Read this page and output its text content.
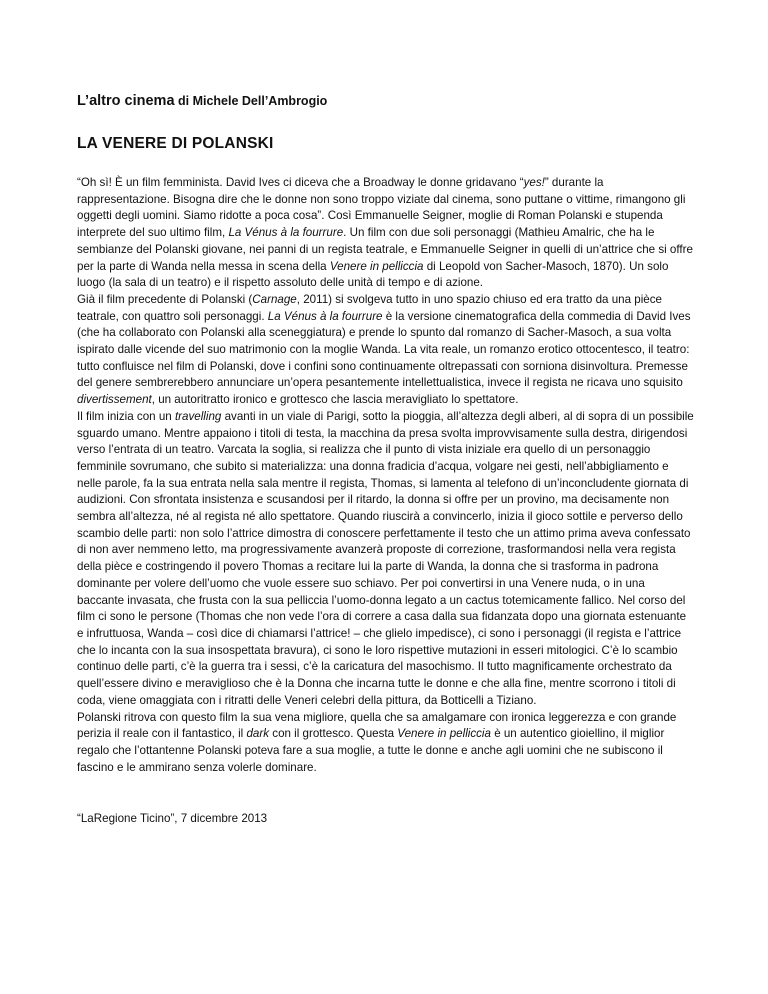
L’altro cinema di Michele Dell’Ambrogio
LA VENERE DI POLANSKI

“Oh sì! È un film femminista. David Ives ci diceva che a Broadway le donne gridavano “yes!” durante la rappresentazione. Bisogna dire che le donne non sono troppo viziate dal cinema, sono puttane o vittime, rimangono gli oggetti degli uomini. Siamo ridotte a poca cosa”. Così Emmanuelle Seigner, moglie di Roman Polanski e stupenda interprete del suo ultimo film, La Vénus à la fourrure. Un film con due soli personaggi (Mathieu Amalric, che ha le sembianze del Polanski giovane, nei panni di un regista teatrale, e Emmanuelle Seigner in quelli di un’attrice che si offre per la parte di Wanda nella messa in scena della Venere in pelliccia di Leopold von Sacher-Masoch, 1870). Un solo luogo (la sala di un teatro) e il rispetto assoluto delle unità di tempo e di azione.

Già il film precedente di Polanski (Carnage, 2011) si svolgeva tutto in uno spazio chiuso ed era tratto da una pièce teatrale, con quattro soli personaggi. La Vénus à la fourrure è la versione cinematografica della commedia di David Ives (che ha collaborato con Polanski alla sceneggiatura) e prende lo spunto dal romanzo di Sacher-Masoch, a sua volta ispirato dalle vicende del suo matrimonio con la moglie Wanda. La vita reale, un romanzo erotico ottocentesco, il teatro: tutto confluisce nel film di Polanski, dove i confini sono continuamente oltrepassati con sorniona disinvoltura. Premesse del genere sembrerebbero annunciare un’opera pesantemente intellettualistica, invece il regista ne ricava uno squisito divertissement, un autoritratto ironico e grottesco che lascia meravigliato lo spettatore.

Il film inizia con un travelling avanti in un viale di Parigi, sotto la pioggia, all’altezza degli alberi, al di sopra di un possibile sguardo umano. Mentre appaiono i titoli di testa, la macchina da presa svolta improvvisamente sulla destra, dirigendosi verso l’entrata di un teatro. Varcata la soglia, si realizza che il punto di vista iniziale era quello di un personaggio femminile sovrumano, che subito si materializza: una donna fradicia d’acqua, volgare nei gesti, nell’abbigliamento e nelle parole, fa la sua entrata nella sala mentre il regista, Thomas, si lamenta al telefono di un’inconcludente giornata di audizioni. Con sfrontata insistenza e scusandosi per il ritardo, la donna si offre per un provino, ma decisamente non sembra all’altezza, né al regista né allo spettatore. Quando riuscirà a convincerlo, inizia il gioco sottile e perverso dello scambio delle parti: non solo l’attrice dimostra di conoscere perfettamente il testo che un attimo prima aveva confessato di non aver nemmeno letto, ma progressivamente avanzerà proposte di correzione, trasformandosi nella vera regista della pièce e costringendo il povero Thomas a recitare lui la parte di Wanda, la donna che si trasforma in padrona dominante per volere dell’uomo che vuole essere suo schiavo. Per poi convertirsi in una Venere nuda, o in una baccante invasata, che frusta con la sua pelliccia l’uomo-donna legato a un cactus totemicamente fallico. Nel corso del film ci sono le persone (Thomas che non vede l’ora di correre a casa dalla sua fidanzata dopo una giornata estenuante e infruttuosa, Wanda – così dice di chiamarsi l’attrice! – che glielo impedisce), ci sono i personaggi (il regista e l’attrice che lo incanta con la sua insospettata bravura), ci sono le loro rispettive mutazioni in esseri mitologici. C’è lo scambio continuo delle parti, c’è la guerra tra i sessi, c’è la caricatura del masochismo. Il tutto magnificamente orchestrato da quell’essere divino e meraviglioso che è la Donna che incarna tutte le donne e che alla fine, mentre scorrono i titoli di coda, viene omaggiata con i ritratti delle Veneri celebri della pittura, da Botticelli a Tiziano.

Polanski ritrova con questo film la sua vena migliore, quella che sa amalgamare con ironica leggerezza e con grande perizia il reale con il fantastico, il dark con il grottesco. Questa Venere in pelliccia è un autentico gioiellino, il miglior regalo che l’ottantenne Polanski poteva fare a sua moglie, a tutte le donne e anche agli uomini che ne subiscono il fascino e le ammirano senza volerle dominare.

“LaRegione Ticino”, 7 dicembre 2013
